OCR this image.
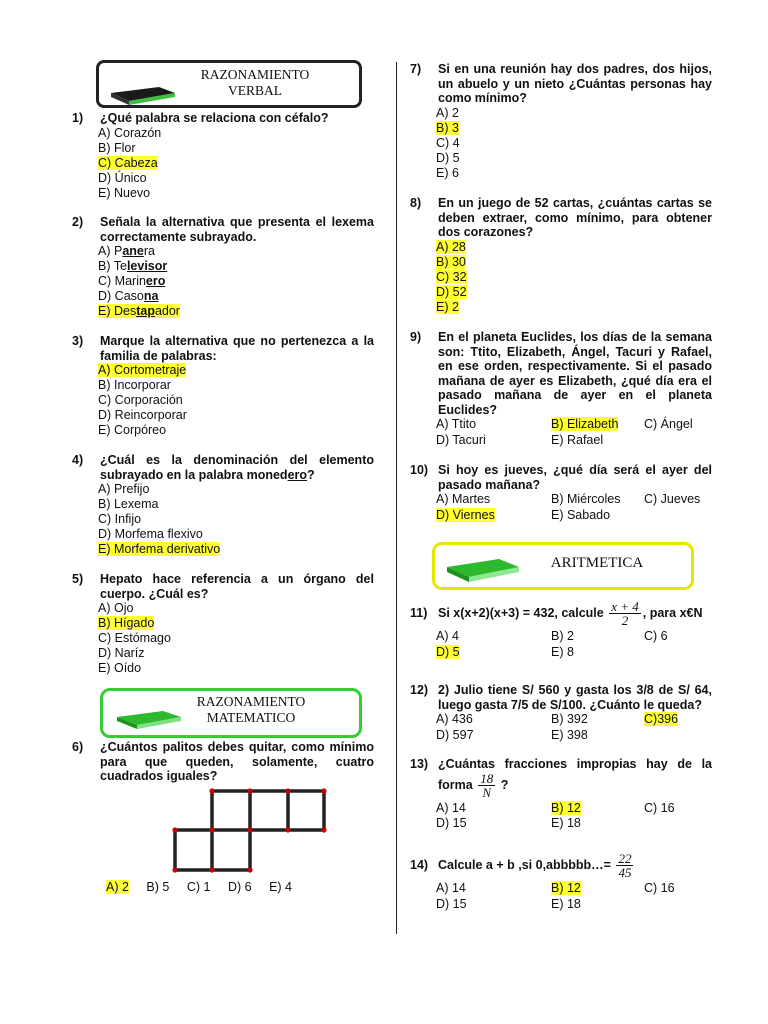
RAZONAMIENTO VERBAL
1)	¿Qué palabra se relaciona con céfalo?
A) Corazón
B) Flor
C) Cabeza
D) Único
E) Nuevo
2)	Señala la alternativa que presenta el lexema correctamente subrayado.
A) Panera
B) Televisor
C) Marinero
D) Casona
E) Destapador
3)	Marque la alternativa que no pertenezca a la familia de palabras:
A) Cortometraje
B) Incorporar
C) Corporación
D) Reincorporar
E) Corpóreo
4)	¿Cuál es la denominación del elemento subrayado en la palabra monedero?
A) Prefijo
B) Lexema
C) Infijo
D) Morfema flexivo
E) Morfema derivativo
5)	Hepato hace referencia a un órgano del cuerpo. ¿Cuál es?
A) Ojo
B) Hígado
C) Estómago
D) Naríz
E) Oído
RAZONAMIENTO MATEMATICO
6)	¿Cuántos palitos debes quitar, como mínimo para que queden, solamente, cuatro cuadrados iguales?
A) 2 B) 5 C) 1 D) 6 E) 4
7)	Si en una reunión hay dos padres, dos hijos, un abuelo y un nieto ¿Cuántas personas hay como mínimo?
A) 2
B) 3
C) 4
D) 5
E) 6
8)	En un juego de 52 cartas, ¿cuántas cartas se deben extraer, como mínimo, para obtener dos corazones?
A) 28
B) 30
C) 32
D) 52
E) 2
9)	En el planeta Euclides, los días de la semana son: Ttito, Elizabeth, Ángel, Tacuri y Rafael, en ese orden, respectivamente. Si el pasado mañana de ayer es Elizabeth, ¿qué día era el pasado mañana de ayer en el planeta Euclides?
A) Ttito	B) Elizabeth	C) Ángel
D) Tacuri	E) Rafael
10) Si hoy es jueves, ¿qué día será el ayer del pasado mañana?
A) Martes	B) Miércoles	C) Jueves
D) Viernes	E) Sabado
ARITMETICA
11) Si x(x+2)(x+3) = 432, calcule $\frac{x + 4}{2}$ , para x€N
A) 4	B) 2	C) 6
D) 5	E) 8
12) 2) Julio tiene S/ 560 y gasta los 3/8 de S/ 64, luego gasta 7/5 de S/100. ¿Cuánto le queda?
A) 436	B) 392	C)396
D) 597	E) 398
13) ¿Cuántas fracciones impropias hay de la forma $\frac{18}{N}$ ?
A) 14	B) 12	C) 16
D) 15	E) 18
14) Calcule a + b ,si 0,abbbbb…= $\frac{22}{45}$
A) 14	B) 12	C) 16
D) 15	E) 18
